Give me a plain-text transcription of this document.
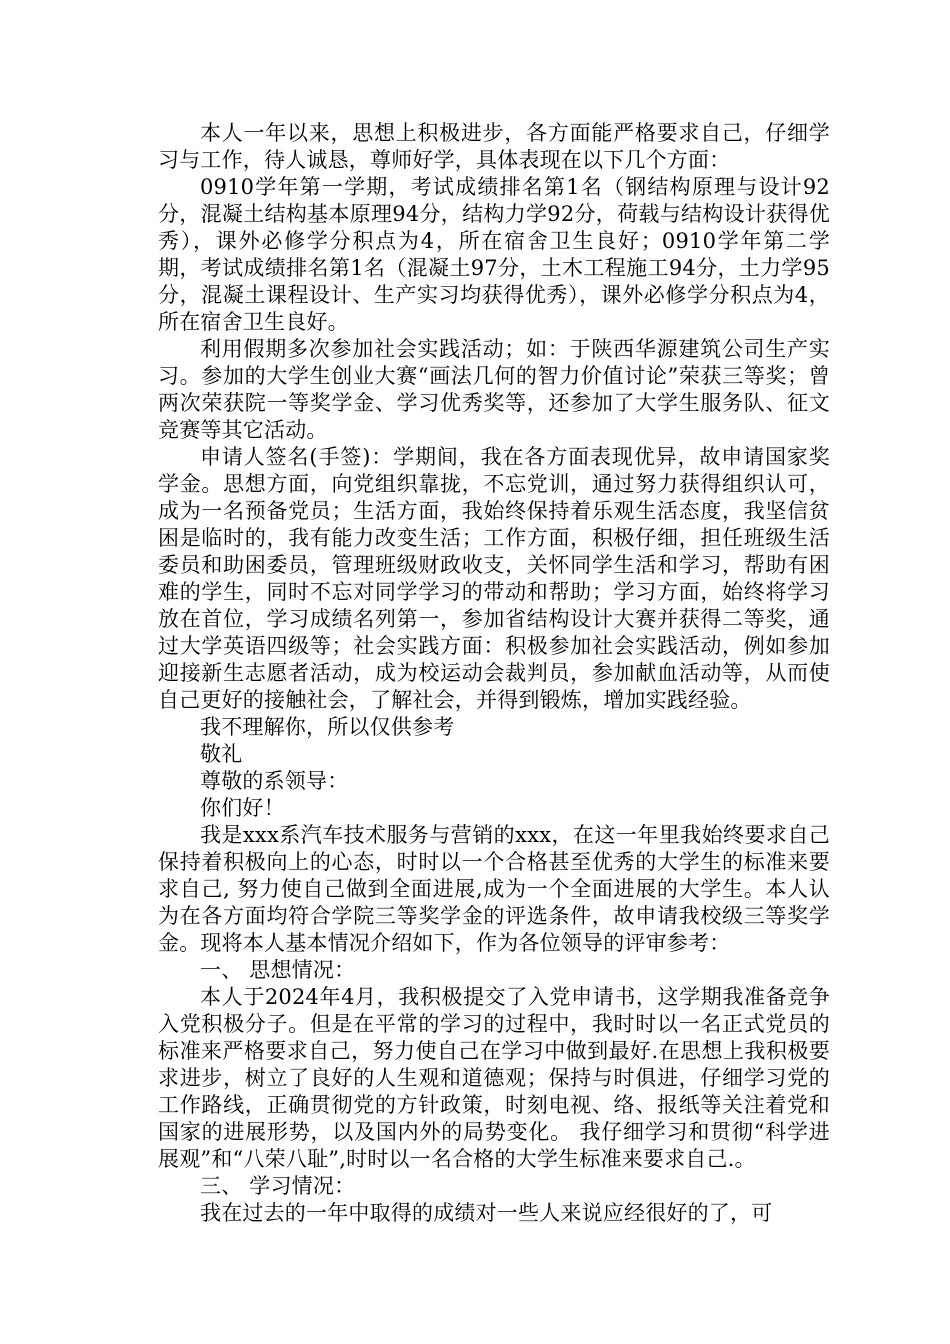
本人一年以来，思想上积极进步，各方面能严格要求自己，仔细学习与工作，待人诚恳，尊师好学，具体表现在以下几个方面：

0910学年第一学期，考试成绩排名第1名（钢结构原理与设计92分，混凝土结构基本原理94分，结构力学92分，荷载与结构设计获得优秀），课外必修学分积点为4，所在宿舍卫生良好；0910学年第二学期，考试成绩排名第1名（混凝土97分，土木工程施工94分，土力学95分，混凝土课程设计、生产实习均获得优秀），课外必修学分积点为4，所在宿舍卫生良好。

利用假期多次参加社会实践活动；如：于陕西华源建筑公司生产实习。参加的大学生创业大赛“画法几何的智力价值讨论”荣获三等奖；曾两次荣获院一等奖学金、学习优秀奖等，还参加了大学生服务队、征文竞赛等其它活动。

申请人签名(手签)：学期间，我在各方面表现优异，故申请国家奖学金。思想方面，向党组织靠拢，不忘党训，通过努力获得组织认可，成为一名预备党员；生活方面，我始终保持着乐观生活态度，我坚信贫困是临时的，我有能力改变生活；工作方面，积极仔细，担任班级生活委员和助困委员，管理班级财政收支，关怀同学生活和学习，帮助有困难的学生，同时不忘对同学学习的带动和帮助；学习方面，始终将学习放在首位，学习成绩名列第一，参加省结构设计大赛并获得二等奖，通过大学英语四级等；社会实践方面：积极参加社会实践活动，例如参加迎接新生志愿者活动，成为校运动会裁判员，参加献血活动等，从而使自己更好的接触社会，了解社会，并得到锻炼，增加实践经验。

我不理解你，所以仅供参考

敬礼

尊敬的系领导：

你们好！

我是xxx系汽车技术服务与营销的xxx，在这一年里我始终要求自己保持着积极向上的心态，时时以一个合格甚至优秀的大学生的标准来要求自己, 努力使自己做到全面进展,成为一个全面进展的大学生。本人认为在各方面均符合学院三等奖学金的评选条件，故申请我校级三等奖学金。现将本人基本情况介绍如下，作为各位领导的评审参考：

一、 思想情况：

本人于2024年4月，我积极提交了入党申请书，这学期我准备竞争入党积极分子。但是在平常的学习的过程中，我时时以一名正式党员的标准来严格要求自己，努力使自己在学习中做到最好.在思想上我积极要求进步，树立了良好的人生观和道德观；保持与时俱进，仔细学习党的工作路线，正确贯彻党的方针政策，时刻电视、络、报纸等关注着党和国家的进展形势，以及国内外的局势变化。 我仔细学习和贯彻“科学进展观”和“八荣八耻”,时时以一名合格的大学生标准来要求自己.。

三、 学习情况：

我在过去的一年中取得的成绩对一些人来说应经很好的了，可
